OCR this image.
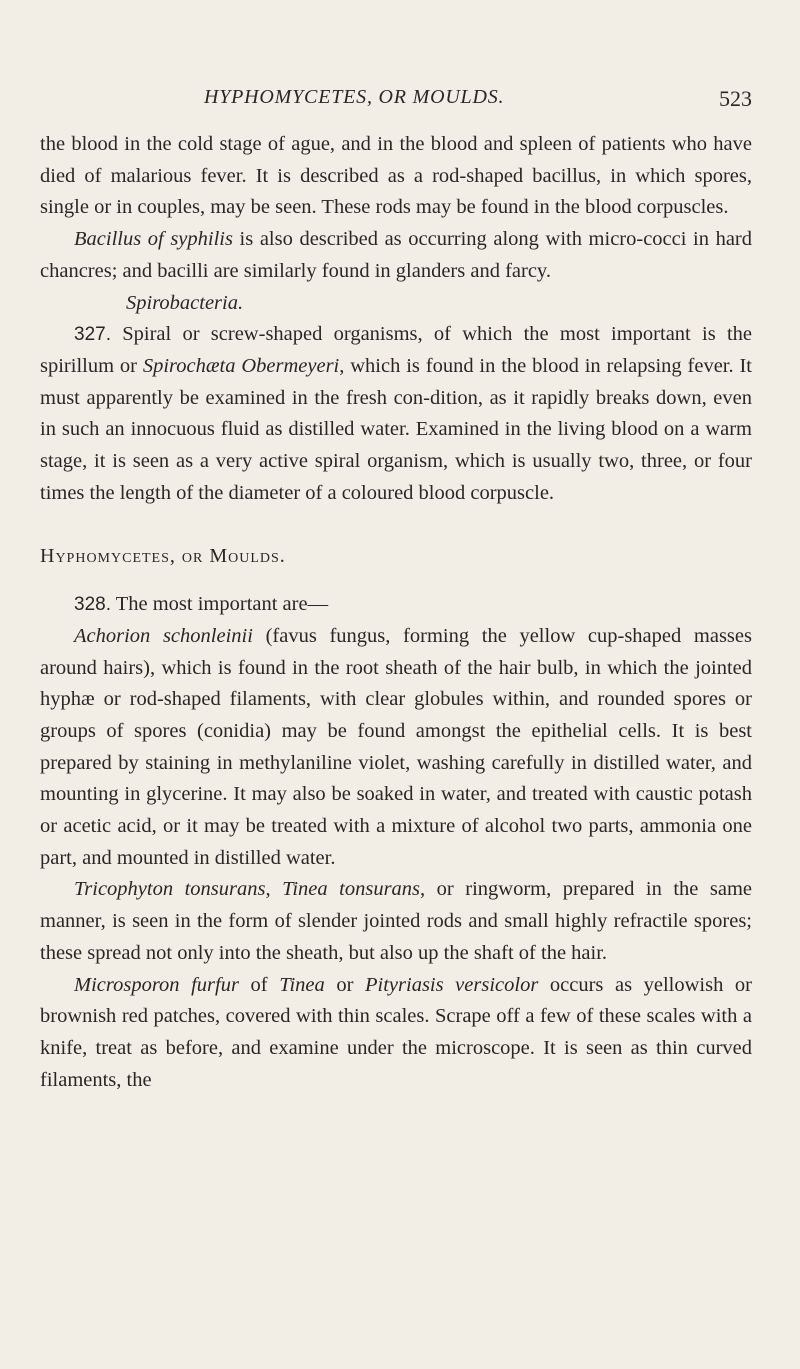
HYPHOMYCETES, OR MOULDS.	523

the blood in the cold stage of ague, and in the blood and spleen of patients who have died of malarious fever. It is described as a rod-shaped bacillus, in which spores, single or in couples, may be seen. These rods may be found in the blood corpuscles.

Bacillus of syphilis is also described as occurring along with micro-cocci in hard chancres; and bacilli are similarly found in glanders and farcy.

Spirobacteria.

327. Spiral or screw-shaped organisms, of which the most important is the spirillum or Spirochæta Obermeyeri, which is found in the blood in relapsing fever. It must apparently be examined in the fresh con-dition, as it rapidly breaks down, even in such an innocuous fluid as distilled water. Examined in the living blood on a warm stage, it is seen as a very active spiral organism, which is usually two, three, or four times the length of the diameter of a coloured blood corpuscle.

Hyphomycetes, or Moulds.

328. The most important are—

Achorion schonleinii (favus fungus, forming the yellow cup-shaped masses around hairs), which is found in the root sheath of the hair bulb, in which the jointed hyphæ or rod-shaped filaments, with clear globules within, and rounded spores or groups of spores (conidia) may be found amongst the epithelial cells. It is best prepared by staining in methylaniline violet, washing carefully in distilled water, and mounting in glycerine. It may also be soaked in water, and treated with caustic potash or acetic acid, or it may be treated with a mixture of alcohol two parts, ammonia one part, and mounted in distilled water.

Tricophyton tonsurans, Tinea tonsurans, or ringworm, prepared in the same manner, is seen in the form of slender jointed rods and small highly refractile spores; these spread not only into the sheath, but also up the shaft of the hair.

Microsporon furfur of Tinea or Pityriasis versicolor occurs as yellowish or brownish red patches, covered with thin scales. Scrape off a few of these scales with a knife, treat as before, and examine under the microscope. It is seen as thin curved filaments, the
